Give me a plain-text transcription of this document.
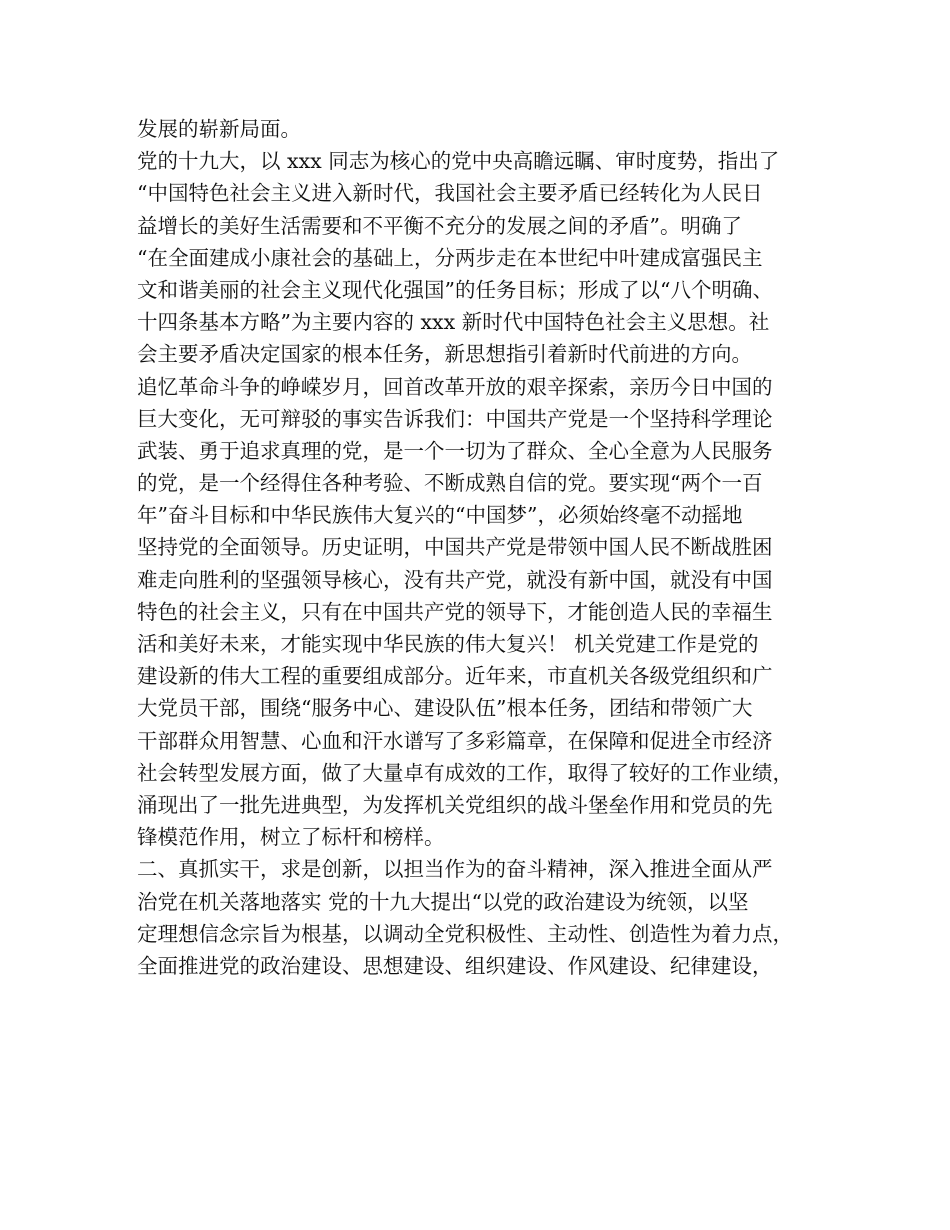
发展的崭新局面。
党的十九大，以 xxx 同志为核心的党中央高瞻远瞩、审时度势，指出了
“中国特色社会主义进入新时代，我国社会主要矛盾已经转化为人民日
益增长的美好生活需要和不平衡不充分的发展之间的矛盾”。明确了
“在全面建成小康社会的基础上，分两步走在本世纪中叶建成富强民主
文和谐美丽的社会主义现代化强国”的任务目标；形成了以“八个明确、
十四条基本方略”为主要内容的 xxx 新时代中国特色社会主义思想。社
会主要矛盾决定国家的根本任务，新思想指引着新时代前进的方向。
追忆革命斗争的峥嵘岁月，回首改革开放的艰辛探索，亲历今日中国的
巨大变化，无可辩驳的事实告诉我们：中国共产党是一个坚持科学理论
武装、勇于追求真理的党，是一个一切为了群众、全心全意为人民服务
的党，是一个经得住各种考验、不断成熟自信的党。要实现“两个一百
年”奋斗目标和中华民族伟大复兴的“中国梦”，必须始终毫不动摇地
坚持党的全面领导。历史证明，中国共产党是带领中国人民不断战胜困
难走向胜利的坚强领导核心，没有共产党，就没有新中国，就没有中国
特色的社会主义，只有在中国共产党的领导下，才能创造人民的幸福生
活和美好未来，才能实现中华民族的伟大复兴！ 机关党建工作是党的
建设新的伟大工程的重要组成部分。近年来，市直机关各级党组织和广
大党员干部，围绕“服务中心、建设队伍”根本任务，团结和带领广大
干部群众用智慧、心血和汗水谱写了多彩篇章，在保障和促进全市经济
社会转型发展方面，做了大量卓有成效的工作，取得了较好的工作业绩，
涌现出了一批先进典型，为发挥机关党组织的战斗堡垒作用和党员的先
锋模范作用，树立了标杆和榜样。
二、真抓实干，求是创新，以担当作为的奋斗精神，深入推进全面从严
治党在机关落地落实 党的十九大提出“以党的政治建设为统领，以坚
定理想信念宗旨为根基，以调动全党积极性、主动性、创造性为着力点，
全面推进党的政治建设、思想建设、组织建设、作风建设、纪律建设，
